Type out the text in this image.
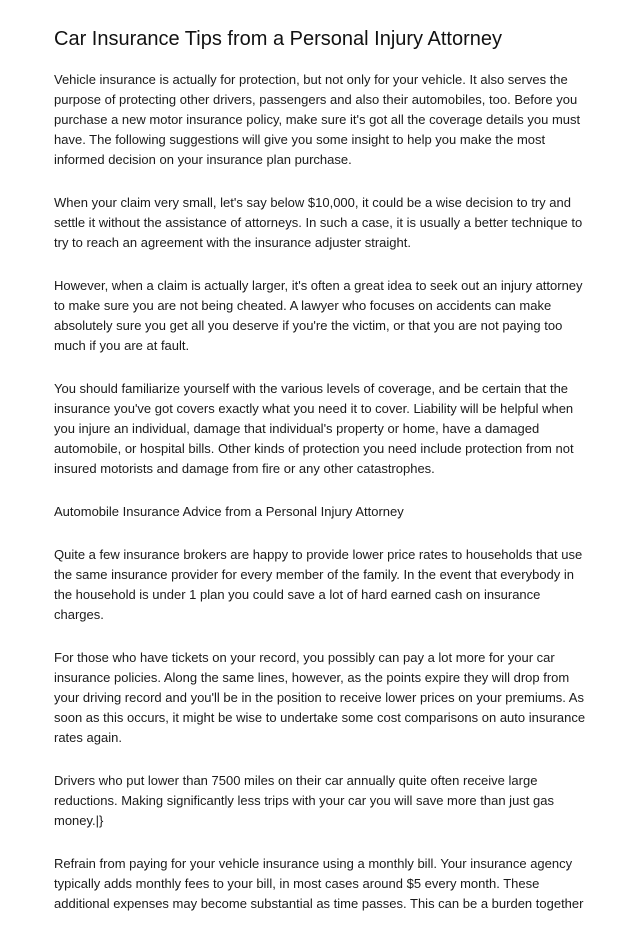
Car Insurance Tips from a Personal Injury Attorney

Vehicle insurance is actually for protection, but not only for your vehicle. It also serves the purpose of protecting other drivers, passengers and also their automobiles, too. Before you purchase a new motor insurance policy, make sure it's got all the coverage details you must have. The following suggestions will give you some insight to help you make the most informed decision on your insurance plan purchase.

When your claim very small, let's say below $10,000, it could be a wise decision to try and settle it without the assistance of attorneys. In such a case, it is usually a better technique to try to reach an agreement with the insurance adjuster straight.

However, when a claim is actually larger, it's often a great idea to seek out an injury attorney to make sure you are not being cheated. A lawyer who focuses on accidents can make absolutely sure you get all you deserve if you're the victim, or that you are not paying too much if you are at fault.

You should familiarize yourself with the various levels of coverage, and be certain that the insurance you've got covers exactly what you need it to cover. Liability will be helpful when you injure an individual, damage that individual's property or home, have a damaged automobile, or hospital bills. Other kinds of protection you need include protection from not insured motorists and damage from fire or any other catastrophes.

Automobile Insurance Advice from a Personal Injury Attorney

Quite a few insurance brokers are happy to provide lower price rates to households that use the same insurance provider for every member of the family. In the event that everybody in the household is under 1 plan you could save a lot of hard earned cash on insurance charges.

For those who have tickets on your record, you possibly can pay a lot more for your car insurance policies. Along the same lines, however, as the points expire they will drop from your driving record and you'll be in the position to receive lower prices on your premiums. As soon as this occurs, it might be wise to undertake some cost comparisons on auto insurance rates again.

Drivers who put lower than 7500 miles on their car annually quite often receive large reductions. Making significantly less trips with your car you will save more than just gas money.|}

Refrain from paying for your vehicle insurance using a monthly bill. Your insurance agency typically adds monthly fees to your bill, in most cases around $5 every month. These additional expenses may become substantial as time passes. This can be a burden together
